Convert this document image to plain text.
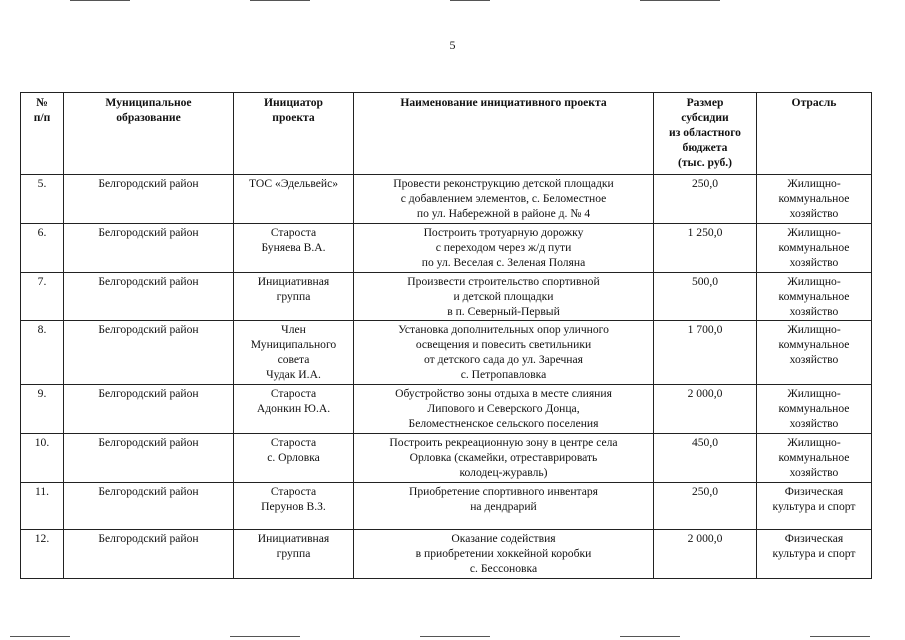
5
№
п/п	Муниципальное
образование	Инициатор
проекта	Наименование инициативного проекта	Размер
субсидии
из областного
бюджета
(тыс. руб.)	Отрасль
5.	Белгородский район	ТОС «Эдельвейс»	Провести реконструкцию детской площадки
с добавлением элементов, с. Беломестное
по ул. Набережной в районе д. № 4	250,0	Жилищно-
коммунальное
хозяйство
6.	Белгородский район	Староста
Буняева В.А.	Построить тротуарную дорожку
с переходом через ж/д пути
по ул. Веселая с. Зеленая Поляна	1 250,0	Жилищно-
коммунальное
хозяйство
7.	Белгородский район	Инициативная
группа	Произвести строительство спортивной
и детской площадки
в п. Северный-Первый	500,0	Жилищно-
коммунальное
хозяйство
8.	Белгородский район	Член
Муниципального
совета
Чудак И.А.	Установка дополнительных опор уличного
освещения и повесить светильники
от детского сада до ул. Заречная
с. Петропавловка	1 700,0	Жилищно-
коммунальное
хозяйство
9.	Белгородский район	Староста
Адонкин Ю.А.	Обустройство зоны отдыха в месте слияния
Липового и Северского Донца,
Беломестненское сельского поселения	2 000,0	Жилищно-
коммунальное
хозяйство
10.	Белгородский район	Староста
с. Орловка	Построить рекреационную зону в центре села
Орловка (скамейки, отреставрировать
колодец-журавль)	450,0	Жилищно-
коммунальное
хозяйство
11.	Белгородский район	Староста
Перунов В.З.	Приобретение спортивного инвентаря
на дендрарий	250,0	Физическая
культура и спорт
12.	Белгородский район	Инициативная
группа	Оказание содействия
в приобретении хоккейной коробки
с. Бессоновка	2 000,0	Физическая
культура и спорт
